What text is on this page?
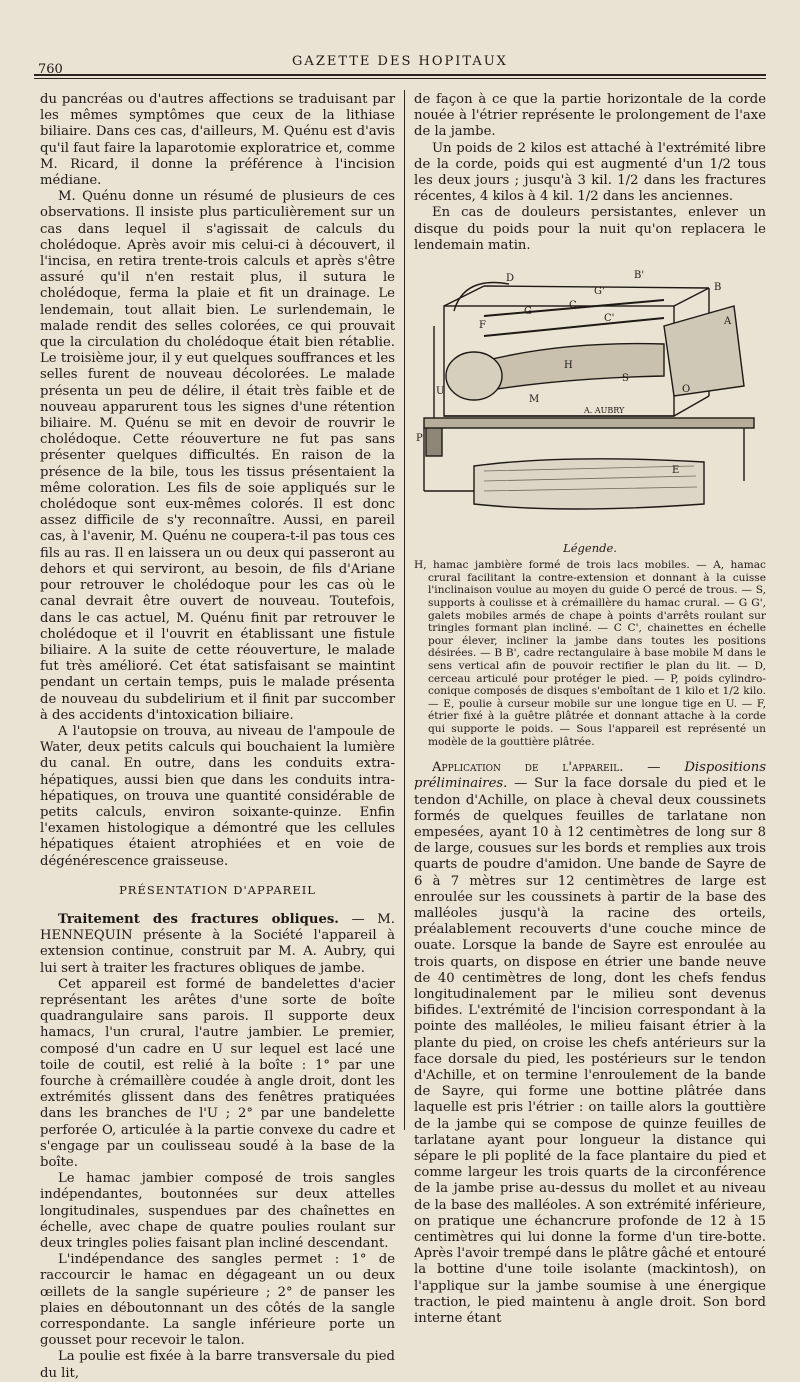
760
GAZETTE DES HOPITAUX

du pancréas ou d'autres affections se traduisant par les mêmes symptômes que ceux de la lithiase biliaire. Dans ces cas, d'ailleurs, M. Quénu est d'avis qu'il faut faire la laparotomie exploratrice et, comme M. Ricard, il donne la préférence à l'incision médiane.

M. Quénu donne un résumé de plusieurs de ces observations. Il insiste plus particulièrement sur un cas dans lequel il s'agissait de calculs du cholédoque. Après avoir mis celui-ci à découvert, il l'incisa, en retira trente-trois calculs et après s'être assuré qu'il n'en restait plus, il sutura le cholédoque, ferma la plaie et fit un drainage. Le lendemain, tout allait bien. Le surlendemain, le malade rendit des selles colorées, ce qui prouvait que la circulation du cholédoque était bien rétablie. Le troisième jour, il y eut quelques souffrances et les selles furent de nouveau décolorées. Le malade présenta un peu de délire, il était très faible et de nouveau apparurent tous les signes d'une rétention biliaire. M. Quénu se mit en devoir de rouvrir le cholédoque. Cette réouverture ne fut pas sans présenter quelques difficultés. En raison de la présence de la bile, tous les tissus présentaient la même coloration. Les fils de soie appliqués sur le cholédoque sont eux-mêmes colorés. Il est donc assez difficile de s'y reconnaître. Aussi, en pareil cas, à l'avenir, M. Quénu ne coupera-t-il pas tous ces fils au ras. Il en laissera un ou deux qui passeront au dehors et qui serviront, au besoin, de fils d'Ariane pour retrouver le cholédoque pour les cas où le canal devrait être ouvert de nouveau. Toutefois, dans le cas actuel, M. Quénu finit par retrouver le cholédoque et il l'ouvrit en établissant une fistule biliaire. A la suite de cette réouverture, le malade fut très amélioré. Cet état satisfaisant se maintint pendant un certain temps, puis le malade présenta de nouveau du subdelirium et il finit par succomber à des accidents d'intoxication biliaire.

A l'autopsie on trouva, au niveau de l'ampoule de Water, deux petits calculs qui bouchaient la lumière du canal. En outre, dans les conduits extra-hépatiques, aussi bien que dans les conduits intra-hépatiques, on trouva une quantité considérable de petits calculs, environ soixante-quinze. Enfin l'examen histologique a démontré que les cellules hépatiques étaient atrophiées et en voie de dégénérescence graisseuse.

PRÉSENTATION D'APPAREIL

Traitement des fractures obliques. — M. HENNEQUIN présente à la Société l'appareil à extension continue, construit par M. A. Aubry, qui lui sert à traiter les fractures obliques de jambe.

Cet appareil est formé de bandelettes d'acier représentant les arêtes d'une sorte de boîte quadrangulaire sans parois. Il supporte deux hamacs, l'un crural, l'autre jambier. Le premier, composé d'un cadre en U sur lequel est lacé une toile de coutil, est relié à la boîte : 1° par une fourche à crémaillère coudée à angle droit, dont les extrémités glissent dans des fenêtres pratiquées dans les branches de l'U ; 2° par une bandelette perforée O, articulée à la partie convexe du cadre et s'engage par un coulisseau soudé à la base de la boîte.

Le hamac jambier composé de trois sangles indépendantes, boutonnées sur deux attelles longitudinales, suspendues par des chaînettes en échelle, avec chape de quatre poulies roulant sur deux tringles polies faisant plan incliné descendant.

L'indépendance des sangles permet : 1° de raccourcir le hamac en dégageant un ou deux œillets de la sangle supérieure ; 2° de panser les plaies en déboutonnant un des côtés de la sangle correspondante. La sangle inférieure porte un gousset pour recevoir le talon.

La poulie est fixée à la barre transversale du pied du lit,

de façon à ce que la partie horizontale de la corde nouée à l'étrier représente le prolongement de l'axe de la jambe.

Un poids de 2 kilos est attaché à l'extrémité libre de la corde, poids qui est augmenté d'un 1/2 tous les deux jours ; jusqu'à 3 kil. 1/2 dans les fractures récentes, 4 kilos à 4 kil. 1/2 dans les anciennes.

En cas de douleurs persistantes, enlever un disque du poids pour la nuit qu'on replacera le lendemain matin.

D	B'
B
A
C
G'
G
C'
F
H
S
O
M
U
P
E
A. AUBRY
Légende.
H, hamac jambière formé de trois lacs mobiles. — A, hamac crural facilitant la contre-extension et donnant à la cuisse l'inclinaison voulue au moyen du guide O percé de trous. — S, supports à coulisse et à crémaillère du hamac crural. — G G', galets mobiles armés de chape à points d'arrêts roulant sur tringles formant plan incliné. — C C', chainettes en échelle pour élever, incliner la jambe dans toutes les positions désirées. — B B', cadre rectangulaire à base mobile M dans le sens vertical afin de pouvoir rectifier le plan du lit. — D, cerceau articulé pour protéger le pied. — P, poids cylindro-conique composés de disques s'emboîtant de 1 kilo et 1/2 kilo. — E, poulie à curseur mobile sur une longue tige en U. — F, étrier fixé à la guêtre plâtrée et donnant attache à la corde qui supporte le poids. — Sous l'appareil est représenté un modèle de la gouttière plâtrée.

Application de l'appareil. — Dispositions préliminaires. — Sur la face dorsale du pied et le tendon d'Achille, on place à cheval deux coussinets formés de quelques feuilles de tarlatane non empesées, ayant 10 à 12 centimètres de long sur 8 de large, cousues sur les bords et remplies aux trois quarts de poudre d'amidon. Une bande de Sayre de 6 à 7 mètres sur 12 centimètres de large est enroulée sur les coussinets à partir de la base des malléoles jusqu'à la racine des orteils, préalablement recouverts d'une couche mince de ouate. Lorsque la bande de Sayre est enroulée au trois quarts, on dispose en étrier une bande neuve de 40 centimètres de long, dont les chefs fendus longitudinalement par le milieu sont devenus bifides. L'extrémité de l'incision correspondant à la pointe des malléoles, le milieu faisant étrier à la plante du pied, on croise les chefs antérieurs sur la face dorsale du pied, les postérieurs sur le tendon d'Achille, et on termine l'enroulement de la bande de Sayre, qui forme une bottine plâtrée dans laquelle est pris l'étrier : on taille alors la gouttière de la jambe qui se compose de quinze feuilles de tarlatane ayant pour longueur la distance qui sépare le pli poplité de la face plantaire du pied et comme largeur les trois quarts de la circonférence de la jambe prise au-dessus du mollet et au niveau de la base des malléoles. A son extrémité inférieure, on pratique une échancrure profonde de 12 à 15 centimètres qui lui donne la forme d'un tire-botte. Après l'avoir trempé dans le plâtre gâché et entouré la bottine d'une toile isolante (mackintosh), on l'applique sur la jambe soumise à une énergique traction, le pied maintenu à angle droit. Son bord interne étant
